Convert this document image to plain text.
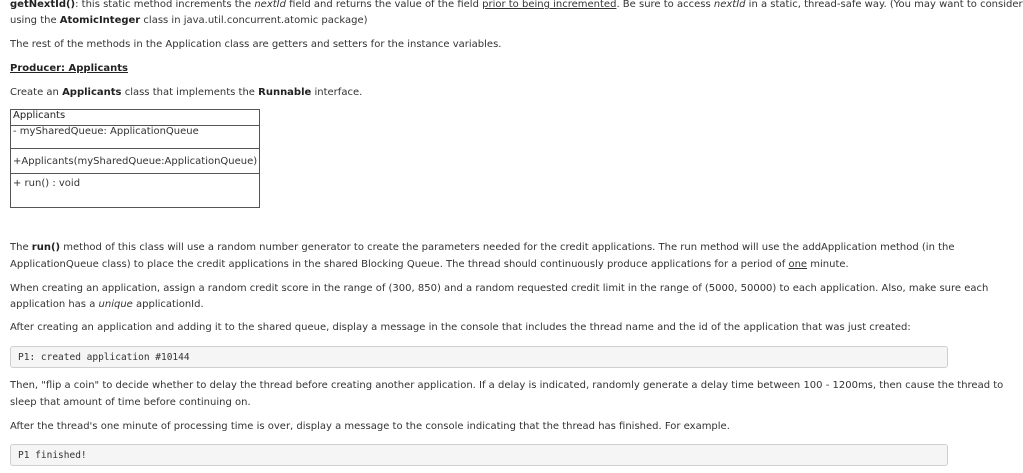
getNextId(): this static method increments the nextId field and returns the value of the field prior to being incremented. Be sure to access nextId in a static, thread-safe way. (You may want to consider
using the AtomicInteger class in java.util.concurrent.atomic package)
The rest of the methods in the Application class are getters and setters for the instance variables.
Producer: Applicants
Create an Applicants class that implements the Runnable interface.
Applicants
- mySharedQueue: ApplicationQueue
+Applicants(mySharedQueue:ApplicationQueue)
+ run() : void
The run() method of this class will use a random number generator to create the parameters needed for the credit applications. The run method will use the addApplication method (in the
ApplicationQueue class) to place the credit applications in the shared Blocking Queue. The thread should continuously produce applications for a period of one minute.
When creating an application, assign a random credit score in the range of (300, 850) and a random requested credit limit in the range of (5000, 50000) to each application. Also, make sure each
application has a unique applicationId.
After creating an application and adding it to the shared queue, display a message in the console that includes the thread name and the id of the application that was just created:
P1: created application #10144
Then, "flip a coin" to decide whether to delay the thread before creating another application. If a delay is indicated, randomly generate a delay time between 100 - 1200ms, then cause the thread to
sleep that amount of time before continuing on.
After the thread's one minute of processing time is over, display a message to the console indicating that the thread has finished. For example.
P1 finished!
